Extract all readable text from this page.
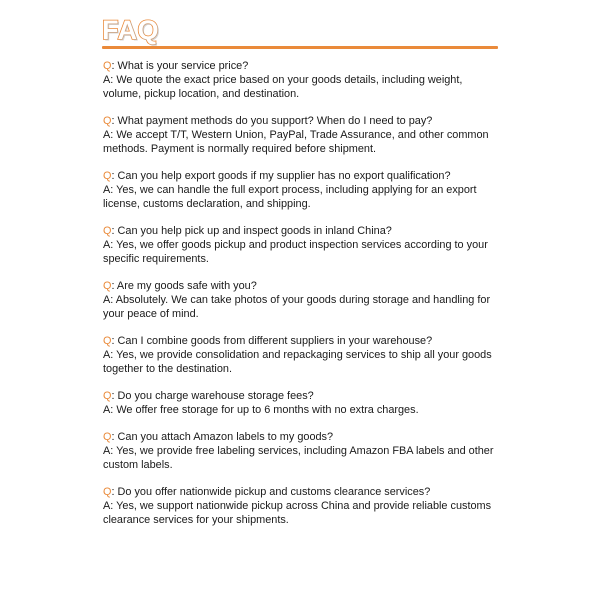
FAQ

Q: What is your service price?

A: We quote the exact price based on your goods details, including weight, volume, pickup location, and destination.

Q: What payment methods do you support? When do I need to pay?

A: We accept T/T, Western Union, PayPal, Trade Assurance, and other common methods. Payment is normally required before shipment.

Q: Can you help export goods if my supplier has no export qualification?

A: Yes, we can handle the full export process, including applying for an export license, customs declaration, and shipping.

Q: Can you help pick up and inspect goods in inland China?

A: Yes, we offer goods pickup and product inspection services according to your specific requirements.

Q: Are my goods safe with you?

A: Absolutely. We can take photos of your goods during storage and handling for your peace of mind.

Q: Can I combine goods from different suppliers in your warehouse?

A: Yes, we provide consolidation and repackaging services to ship all your goods together to the destination.

Q: Do you charge warehouse storage fees?

A: We offer free storage for up to 6 months with no extra charges.

Q: Can you attach Amazon labels to my goods?

A: Yes, we provide free labeling services, including Amazon FBA labels and other custom labels.

Q: Do you offer nationwide pickup and customs clearance services?

A: Yes, we support nationwide pickup across China and provide reliable customs clearance services for your shipments.
